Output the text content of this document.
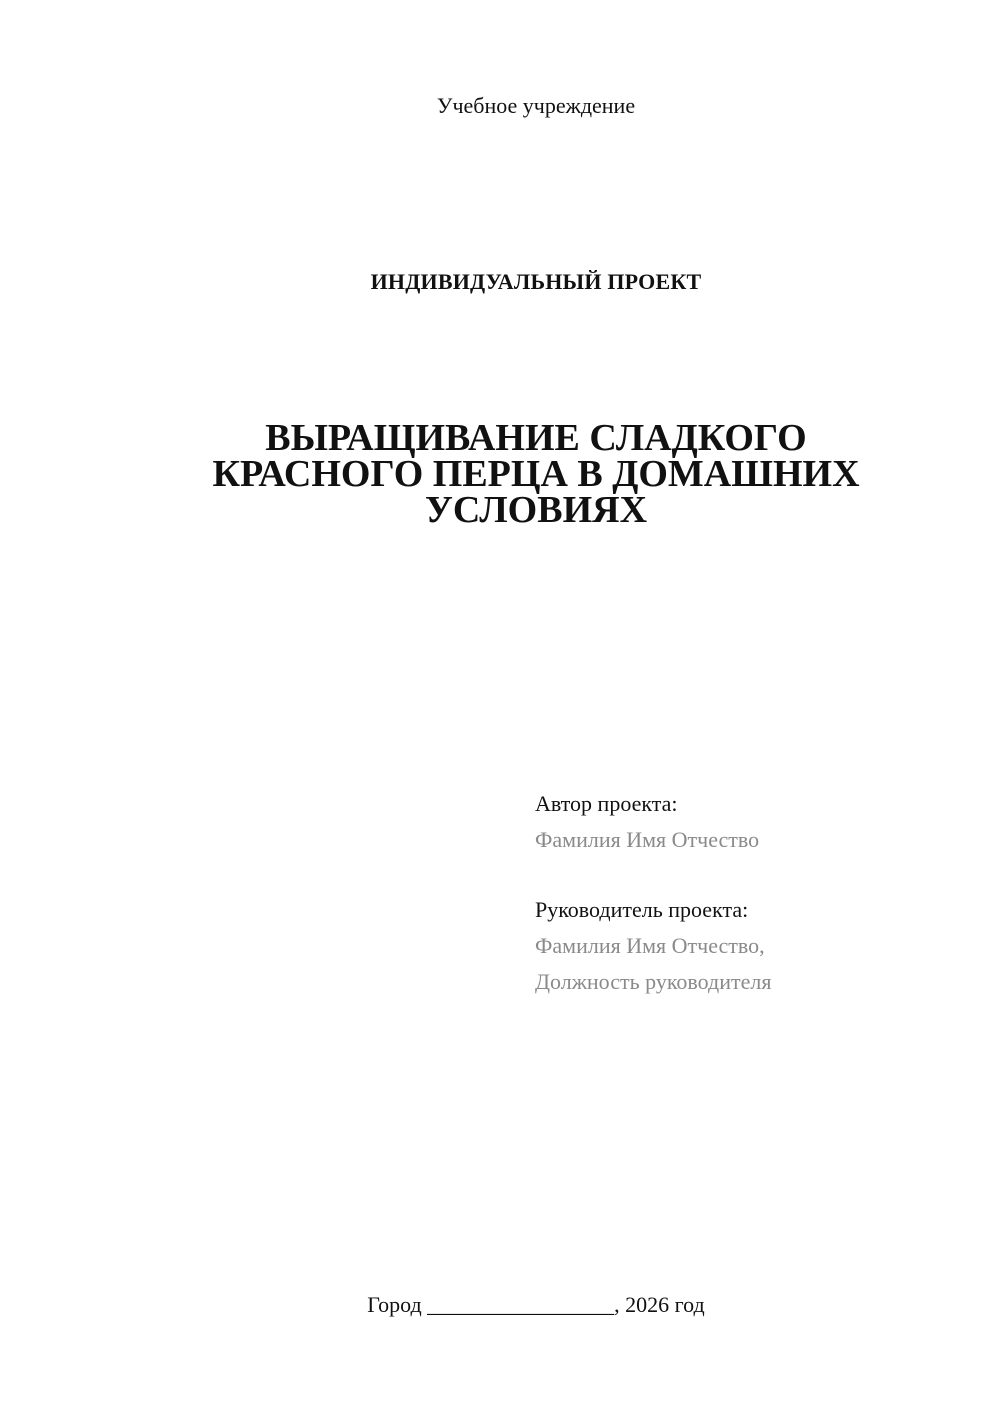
Учебное учреждение
ИНДИВИДУАЛЬНЫЙ ПРОЕКТ
ВЫРАЩИВАНИЕ СЛАДКОГО
КРАСНОГО ПЕРЦА В ДОМАШНИХ
УСЛОВИЯХ
Автор проекта:
Фамилия Имя Отчество
Руководитель проекта:
Фамилия Имя Отчество,
Должность руководителя
Город _________________, 2026 год
